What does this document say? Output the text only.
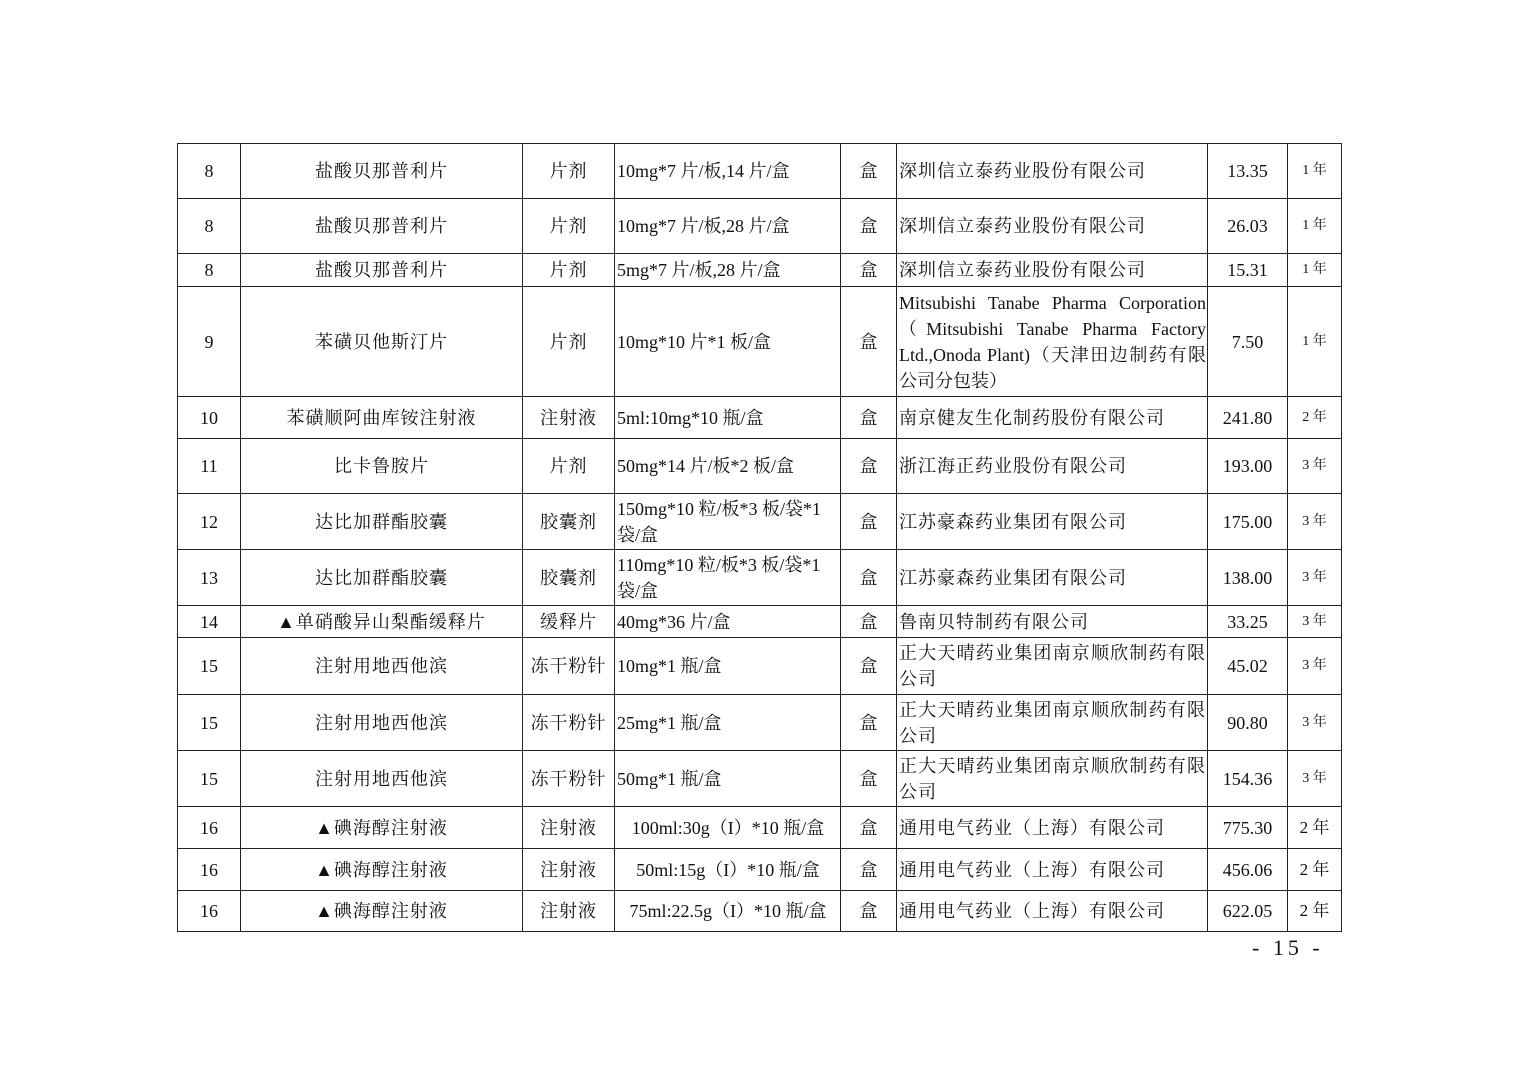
8	盐酸贝那普利片	片剂	10mg*7 片/板,14 片/盒	盒	深圳信立泰药业股份有限公司	13.35	1 年
8	盐酸贝那普利片	片剂	10mg*7 片/板,28 片/盒	盒	深圳信立泰药业股份有限公司	26.03	1 年
8	盐酸贝那普利片	片剂	5mg*7 片/板,28 片/盒	盒	深圳信立泰药业股份有限公司	15.31	1 年
9	苯磺贝他斯汀片	片剂	10mg*10 片*1 板/盒	盒	Mitsubishi Tanabe Pharma Corporation（Mitsubishi Tanabe Pharma Factory Ltd.,Onoda Plant)（天津田边制药有限公司分包装）	7.50	1 年
10	苯磺顺阿曲库铵注射液	注射液	5ml:10mg*10 瓶/盒	盒	南京健友生化制药股份有限公司	241.80	2 年
11	比卡鲁胺片	片剂	50mg*14 片/板*2 板/盒	盒	浙江海正药业股份有限公司	193.00	3 年
12	达比加群酯胶囊	胶囊剂	150mg*10 粒/板*3 板/袋*1 袋/盒	盒	江苏豪森药业集团有限公司	175.00	3 年
13	达比加群酯胶囊	胶囊剂	110mg*10 粒/板*3 板/袋*1 袋/盒	盒	江苏豪森药业集团有限公司	138.00	3 年
14	▲单硝酸异山梨酯缓释片	缓释片	40mg*36 片/盒	盒	鲁南贝特制药有限公司	33.25	3 年
15	注射用地西他滨	冻干粉针	10mg*1 瓶/盒	盒	正大天晴药业集团南京顺欣制药有限公司	45.02	3 年
15	注射用地西他滨	冻干粉针	25mg*1 瓶/盒	盒	正大天晴药业集团南京顺欣制药有限公司	90.80	3 年
15	注射用地西他滨	冻干粉针	50mg*1 瓶/盒	盒	正大天晴药业集团南京顺欣制药有限公司	154.36	3 年
16	▲碘海醇注射液	注射液	100ml:30g（I）*10 瓶/盒	盒	通用电气药业（上海）有限公司	775.30	2 年
16	▲碘海醇注射液	注射液	50ml:15g（I）*10 瓶/盒	盒	通用电气药业（上海）有限公司	456.06	2 年
16	▲碘海醇注射液	注射液	75ml:22.5g（I）*10 瓶/盒	盒	通用电气药业（上海）有限公司	622.05	2 年
- 15 -
